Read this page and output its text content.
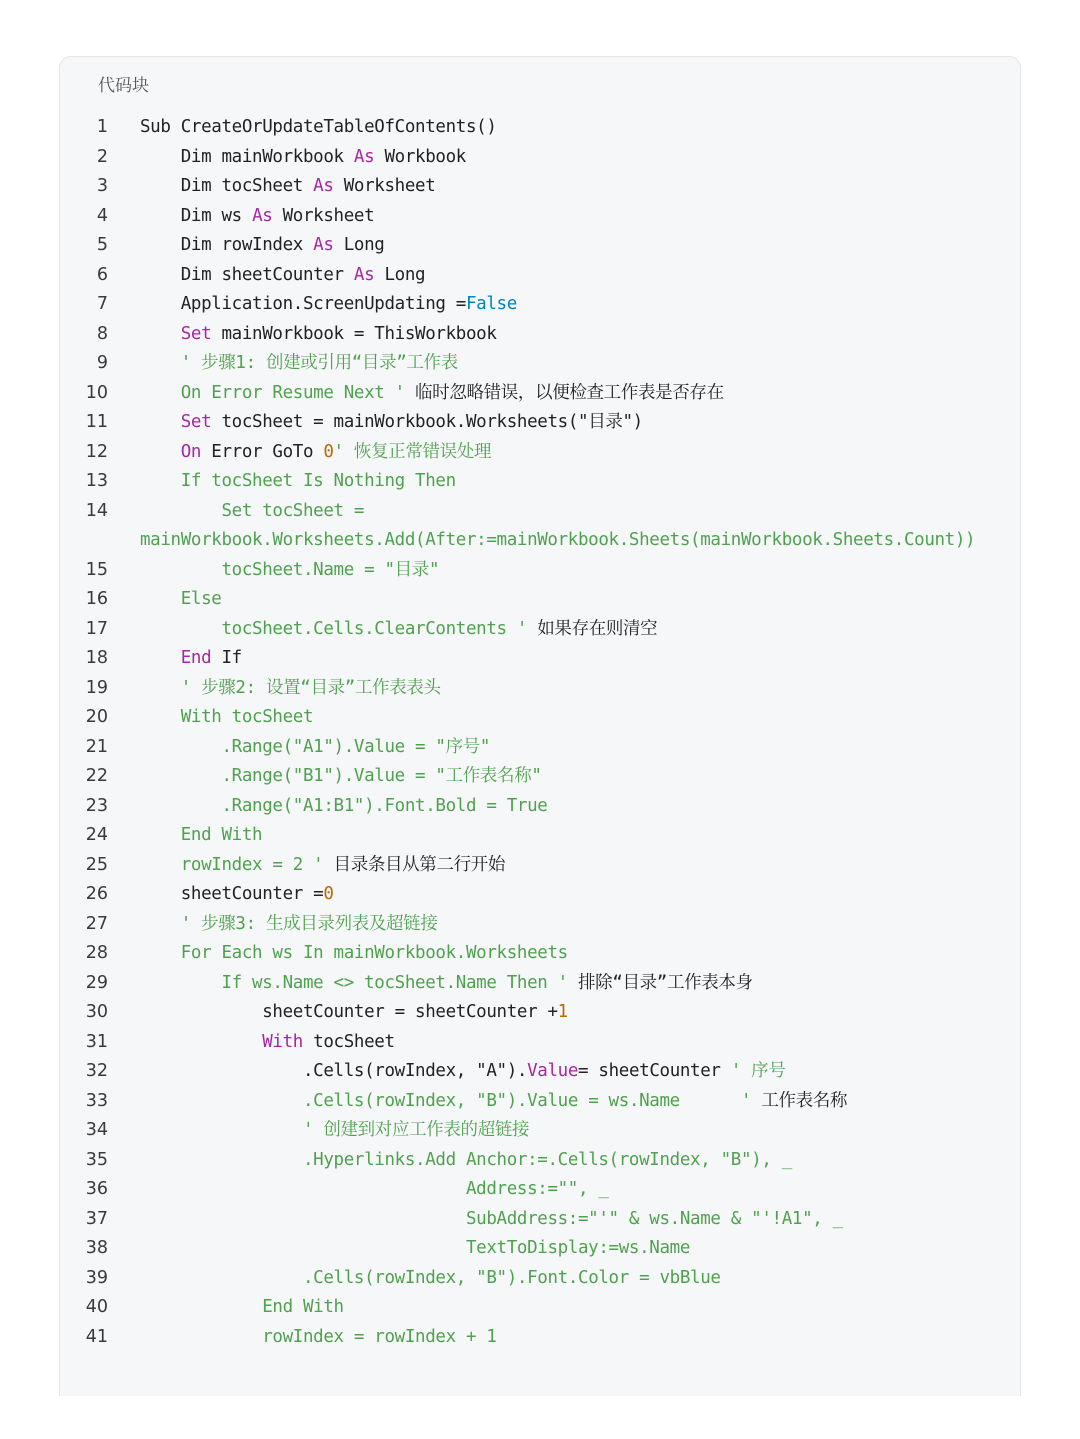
代码块
1 Sub CreateOrUpdateTableOfContents()
2	Dim mainWorkbook As Workbook
3	Dim tocSheet As Worksheet
4	Dim ws As Worksheet
5	Dim rowIndex As Long
6	Dim sheetCounter As Long
7	Application.ScreenUpdating =False
8	Set mainWorkbook = ThisWorkbook
9	' 步骤1: 创建或引用“目录”工作表
10	On Error Resume Next ' 临时忽略错误，以便检查工作表是否存在
11	Set tocSheet = mainWorkbook.Worksheets("目录")
12	On Error GoTo 0' 恢复正常错误处理
13	If tocSheet Is Nothing Then
14	Set tocSheet =
mainWorkbook.Worksheets.Add(After:=mainWorkbook.Sheets(mainWorkbook.Sheets.Count))
15	tocSheet.Name = "目录"
16	Else
17	tocSheet.Cells.ClearContents ' 如果存在则清空
18	End If
19	' 步骤2: 设置“目录”工作表表头
20	With tocSheet
21	.Range("A1").Value = "序号"
22	.Range("B1").Value = "工作表名称"
23	.Range("A1:B1").Font.Bold = True
24	End With
25	rowIndex = 2 ' 目录条目从第二行开始
26	sheetCounter =0
27	' 步骤3: 生成目录列表及超链接
28	For Each ws In mainWorkbook.Worksheets
29	If ws.Name <> tocSheet.Name Then ' 排除“目录”工作表本身
30	sheetCounter = sheetCounter +1
31	With tocSheet
32	.Cells(rowIndex, "A").Value= sheetCounter ' 序号
33	.Cells(rowIndex, "B").Value = ws.Name      ' 工作表名称
34	' 创建到对应工作表的超链接
35	.Hyperlinks.Add Anchor:=.Cells(rowIndex, "B"), _
36	Address:="", _
37	SubAddress:="'" & ws.Name & "'!A1", _
38	TextToDisplay:=ws.Name
39	.Cells(rowIndex, "B").Font.Color = vbBlue
40	End With
41	rowIndex = rowIndex + 1
